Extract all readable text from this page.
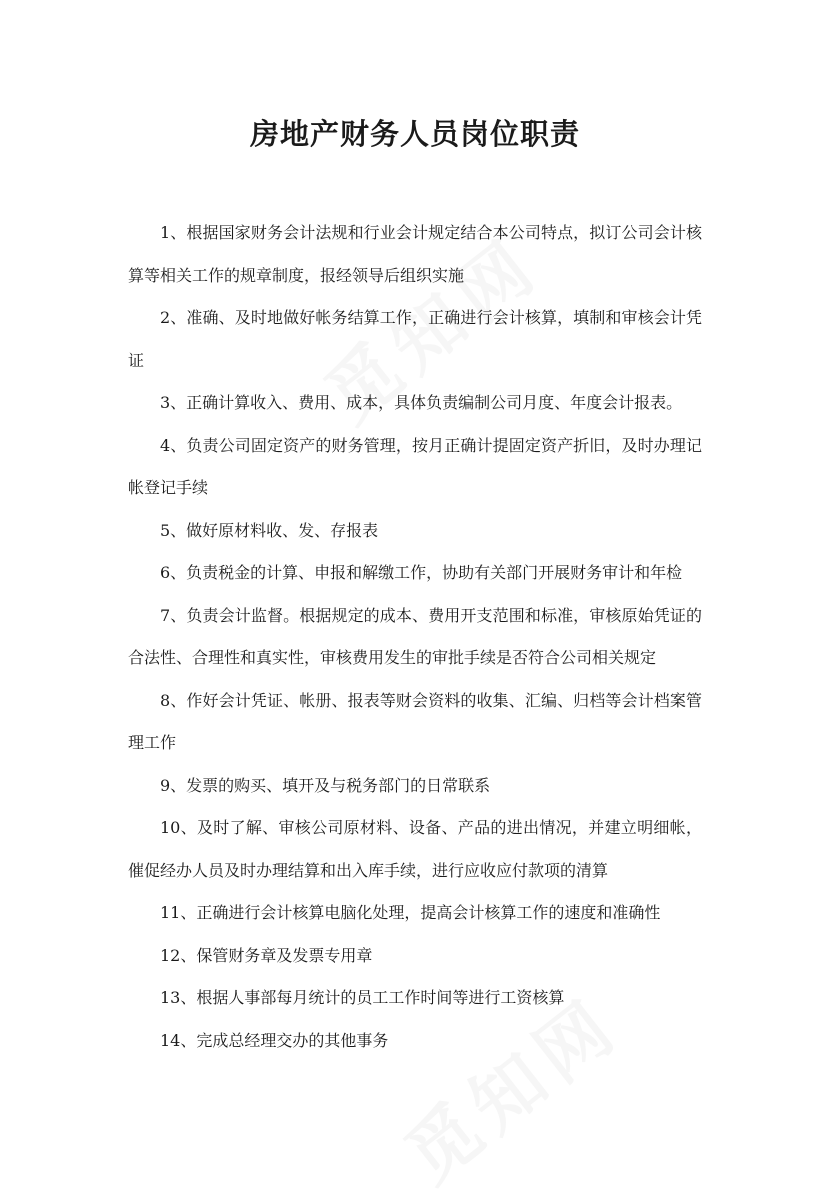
房地产财务人员岗位职责

1、根据国家财务会计法规和行业会计规定结合本公司特点，拟订公司会计核算等相关工作的规章制度，报经领导后组织实施

2、准确、及时地做好帐务结算工作，正确进行会计核算，填制和审核会计凭证

3、正确计算收入、费用、成本，具体负责编制公司月度、年度会计报表。

4、负责公司固定资产的财务管理，按月正确计提固定资产折旧，及时办理记帐登记手续

5、做好原材料收、发、存报表

6、负责税金的计算、申报和解缴工作，协助有关部门开展财务审计和年检

7、负责会计监督。根据规定的成本、费用开支范围和标准，审核原始凭证的合法性、合理性和真实性，审核费用发生的审批手续是否符合公司相关规定

8、作好会计凭证、帐册、报表等财会资料的收集、汇编、归档等会计档案管理工作

9、发票的购买、填开及与税务部门的日常联系

10、及时了解、审核公司原材料、设备、产品的进出情况，并建立明细帐，催促经办人员及时办理结算和出入库手续，进行应收应付款项的清算

11、正确进行会计核算电脑化处理，提高会计核算工作的速度和准确性

12、保管财务章及发票专用章

13、根据人事部每月统计的员工工作时间等进行工资核算

14、完成总经理交办的其他事务
